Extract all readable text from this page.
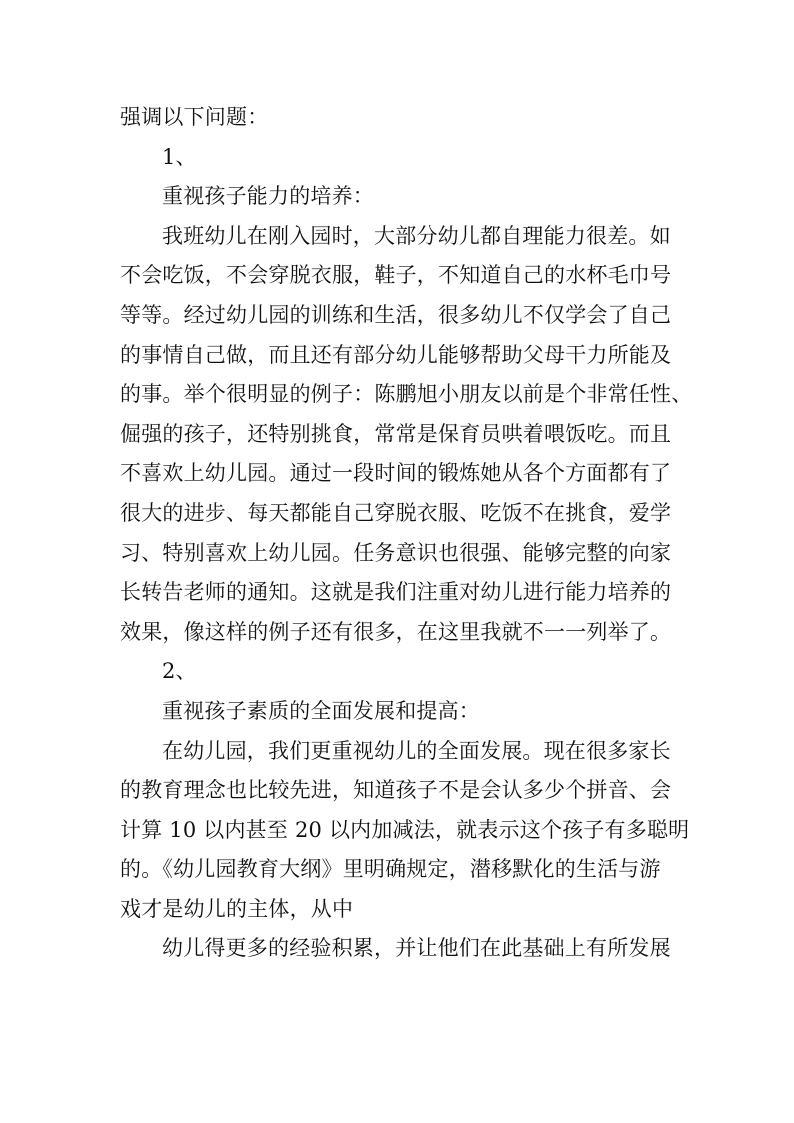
强调以下问题：
1、
重视孩子能力的培养：
我班幼儿在刚入园时，大部分幼儿都自理能力很差。如
不会吃饭，不会穿脱衣服，鞋子，不知道自己的水杯毛巾号
等等。经过幼儿园的训练和生活，很多幼儿不仅学会了自己
的事情自己做，而且还有部分幼儿能够帮助父母干力所能及
的事。举个很明显的例子：陈鹏旭小朋友以前是个非常任性、
倔强的孩子，还特别挑食，常常是保育员哄着喂饭吃。而且
不喜欢上幼儿园。通过一段时间的锻炼她从各个方面都有了
很大的进步、每天都能自己穿脱衣服、吃饭不在挑食，爱学
习、特别喜欢上幼儿园。任务意识也很强、能够完整的向家
长转告老师的通知。这就是我们注重对幼儿进行能力培养的
效果，像这样的例子还有很多，在这里我就不一一列举了。
2、
重视孩子素质的全面发展和提高：
在幼儿园，我们更重视幼儿的全面发展。现在很多家长
的教育理念也比较先进，知道孩子不是会认多少个拼音、会
计算 10 以内甚至 20 以内加减法，就表示这个孩子有多聪明
的。《幼儿园教育大纲》里明确规定，潜移默化的生活与游
戏才是幼儿的主体，从中
幼儿得更多的经验积累，并让他们在此基础上有所发展
